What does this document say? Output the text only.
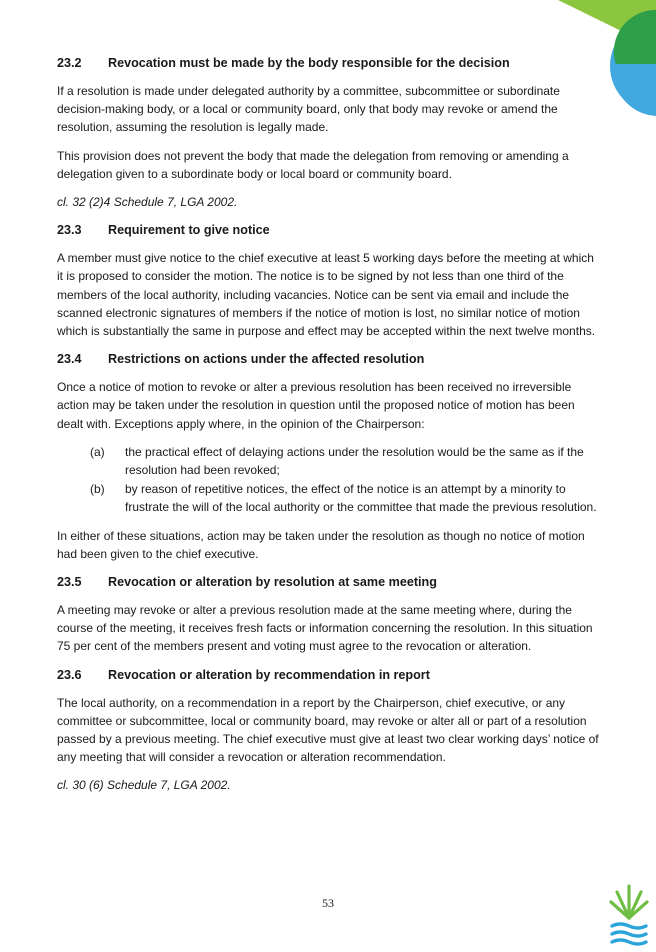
23.2	Revocation must be made by the body responsible for the decision

If a resolution is made under delegated authority by a committee, subcommittee or subordinate decision-making body, or a local or community board, only that body may revoke or amend the resolution, assuming the resolution is legally made.

This provision does not prevent the body that made the delegation from removing or amending a delegation given to a subordinate body or local board or community board.

cl. 32 (2)4 Schedule 7, LGA 2002.

23.3	Requirement to give notice

A member must give notice to the chief executive at least 5 working days before the meeting at which it is proposed to consider the motion. The notice is to be signed by not less than one third of the members of the local authority, including vacancies. Notice can be sent via email and include the scanned electronic signatures of members if the notice of motion is lost, no similar notice of motion which is substantially the same in purpose and effect may be accepted within the next twelve months.

23.4	Restrictions on actions under the affected resolution

Once a notice of motion to revoke or alter a previous resolution has been received no irreversible action may be taken under the resolution in question until the proposed notice of motion has been dealt with. Exceptions apply where, in the opinion of the Chairperson:

(a)	the practical effect of delaying actions under the resolution would be the same as if the resolution had been revoked;
(b)	by reason of repetitive notices, the effect of the notice is an attempt by a minority to frustrate the will of the local authority or the committee that made the previous resolution.

In either of these situations, action may be taken under the resolution as though no notice of motion had been given to the chief executive.

23.5	Revocation or alteration by resolution at same meeting

A meeting may revoke or alter a previous resolution made at the same meeting where, during the course of the meeting, it receives fresh facts or information concerning the resolution. In this situation 75 per cent of the members present and voting must agree to the revocation or alteration.

23.6	Revocation or alteration by recommendation in report

The local authority, on a recommendation in a report by the Chairperson, chief executive, or any committee or subcommittee, local or community board, may revoke or alter all or part of a resolution passed by a previous meeting. The chief executive must give at least two clear working days’ notice of any meeting that will consider a revocation or alteration recommendation.

cl. 30 (6) Schedule 7, LGA 2002.

53
